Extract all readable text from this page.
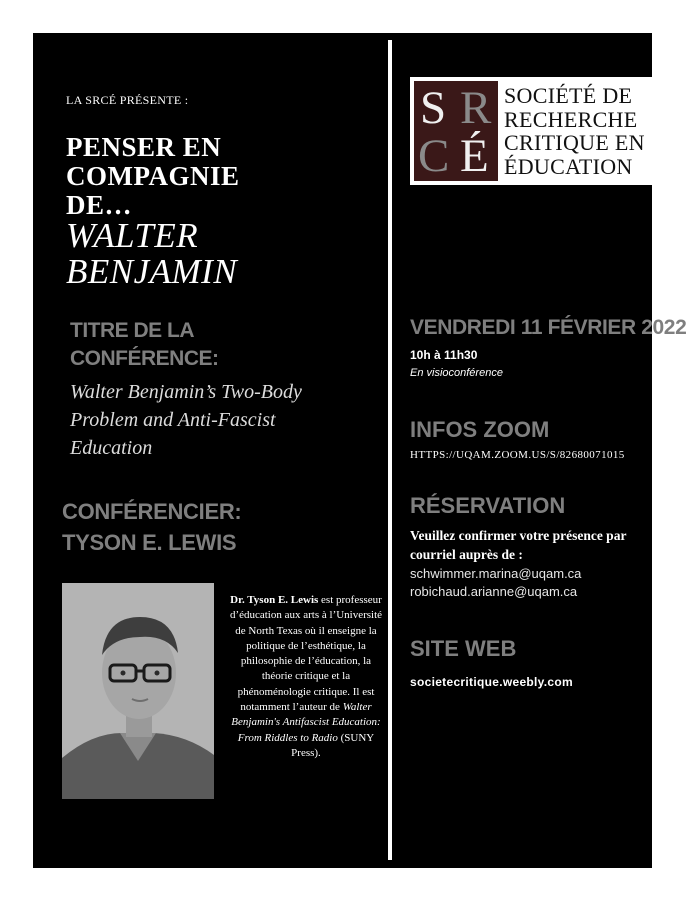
LA SRCÉ PRÉSENTE :

PENSER EN
COMPAGNIE
DE…
WALTER
BENJAMIN
TITRE DE LA
CONFÉRENCE:
Walter Benjamin’s Two-Body
Problem and Anti-Fascist
Education
CONFÉRENCIER:
TYSON E. LEWIS
Dr. Tyson E. Lewis est professeur d’éducation aux arts à l’Université de North Texas où il enseigne la politique de l’esthétique, la philosophie de l’éducation, la théorie critique et la phénoménologie critique. Il est notamment l’auteur de Walter Benjamin's Antifascist Education: From Riddles to Radio (SUNY Press).
S R
C É
SOCIÉTÉ DE
RECHERCHE
CRITIQUE EN
ÉDUCATION

VENDREDI 11 FÉVRIER 2022

10h à 11h30

En visioconférence

INFOS ZOOM

HTTPS://UQAM.ZOOM.US/S/82680071015

RÉSERVATION

Veuillez confirmer votre présence par
courriel auprès de :

schwimmer.marina@uqam.ca

robichaud.arianne@uqam.ca

SITE WEB

societecritique.weebly.com
